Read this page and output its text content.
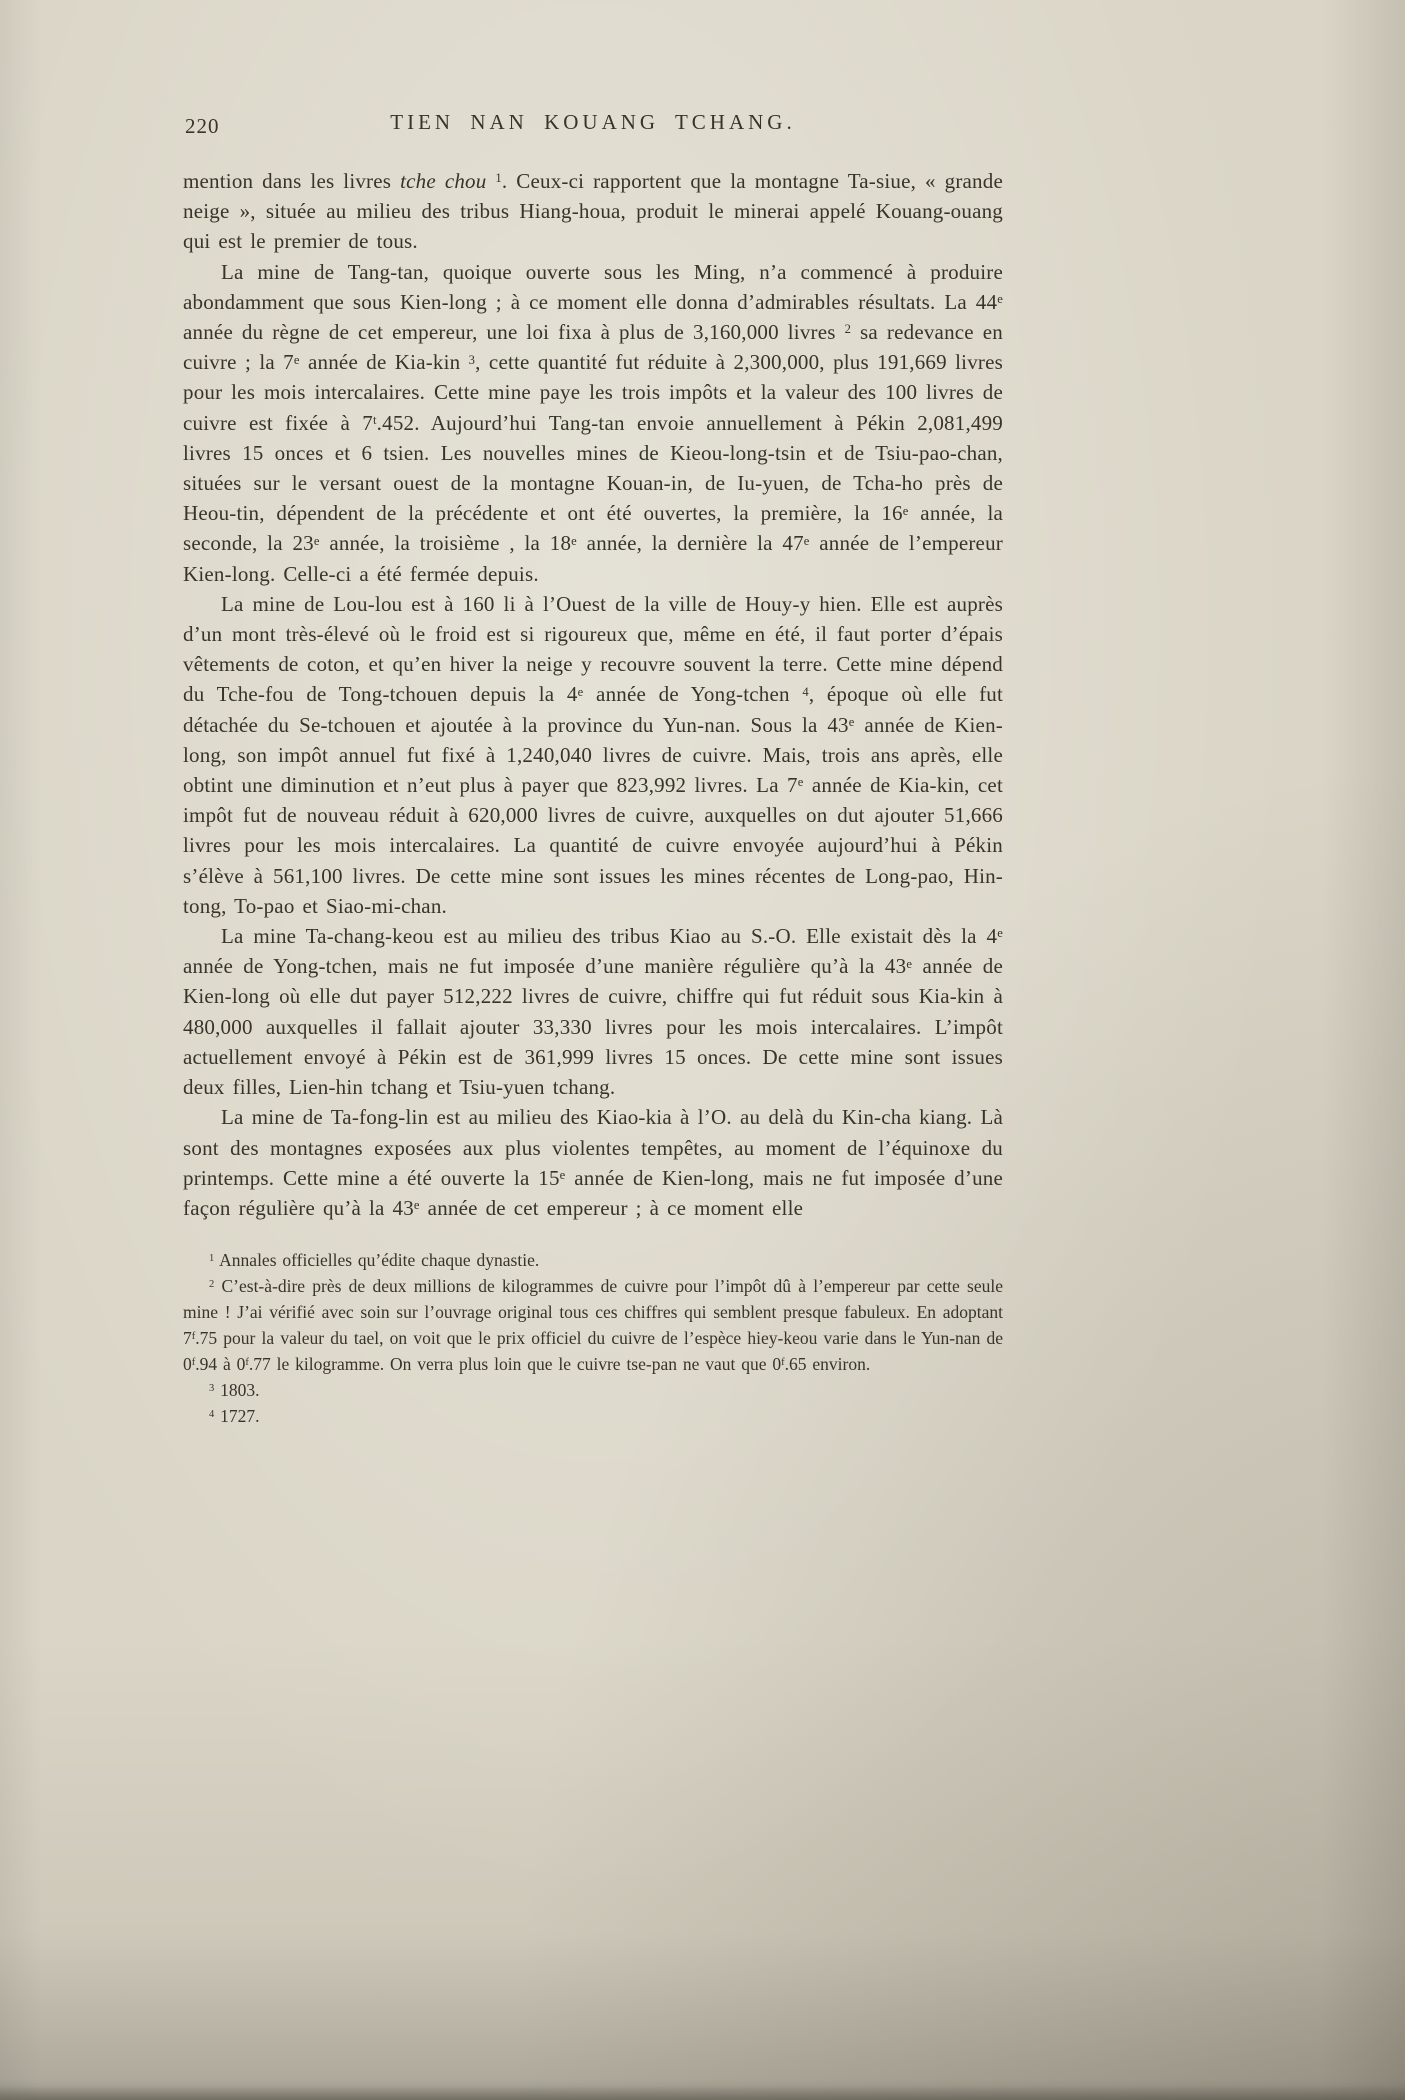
220	TIEN NAN KOUANG TCHANG.

mention dans les livres tche chou $^1$. Ceux-ci rapportent que la montagne Ta-siue, « grande neige », située au milieu des tribus Hiang-houa, produit le minerai appelé Kouang-ouang qui est le premier de tous.

La mine de Tang-tan, quoique ouverte sous les Ming, n’a commencé à produire abondamment que sous Kien-long ; à ce moment elle donna d’admirables résultats. La 44e année du règne de cet empereur, une loi fixa à plus de 3,160,000 livres $^2$ sa redevance en cuivre ; la 7e année de Kia-kin $^3$, cette quantité fut réduite à 2,300,000, plus 191,669 livres pour les mois intercalaires. Cette mine paye les trois impôts et la valeur des 100 livres de cuivre est fixée à 7$^t$.452. Aujourd’hui Tang-tan envoie annuellement à Pékin 2,081,499 livres 15 onces et 6 tsien. Les nouvelles mines de Kieou-long-tsin et de Tsiu-pao-chan, situées sur le versant ouest de la montagne Kouan-in, de Iu-yuen, de Tcha-ho près de Heou-tin, dépendent de la précédente et ont été ouvertes, la première, la 16e année, la seconde, la 23e année, la troisième , la 18e année, la dernière la 47e année de l’empereur Kien-long. Celle-ci a été fermée depuis.

La mine de Lou-lou est à 160 li à l’Ouest de la ville de Houy-y hien. Elle est auprès d’un mont très-élevé où le froid est si rigoureux que, même en été, il faut porter d’épais vêtements de coton, et qu’en hiver la neige y recouvre souvent la terre. Cette mine dépend du Tche-fou de Tong-tchouen depuis la 4e année de Yong-tchen $^4$, époque où elle fut détachée du Se-tchouen et ajoutée à la province du Yun-nan. Sous la 43e année de Kien-long, son impôt annuel fut fixé à 1,240,040 livres de cuivre. Mais, trois ans après, elle obtint une diminution et n’eut plus à payer que 823,992 livres. La 7e année de Kia-kin, cet impôt fut de nouveau réduit à 620,000 livres de cuivre, auxquelles on dut ajouter 51,666 livres pour les mois intercalaires. La quantité de cuivre envoyée aujourd’hui à Pékin s’élève à 561,100 livres. De cette mine sont issues les mines récentes de Long-pao, Hin-tong, To-pao et Siao-mi-chan.

La mine Ta-chang-keou est au milieu des tribus Kiao au S.-O. Elle existait dès la 4e année de Yong-tchen, mais ne fut imposée d’une manière régulière qu’à la 43e année de Kien-long où elle dut payer 512,222 livres de cuivre, chiffre qui fut réduit sous Kia-kin à 480,000 auxquelles il fallait ajouter 33,330 livres pour les mois intercalaires. L’impôt actuellement envoyé à Pékin est de 361,999 livres 15 onces. De cette mine sont issues deux filles, Lien-hin tchang et Tsiu-yuen tchang.

La mine de Ta-fong-lin est au milieu des Kiao-kia à l’O. au delà du Kin-cha kiang. Là sont des montagnes exposées aux plus violentes tempêtes, au moment de l’équinoxe du printemps. Cette mine a été ouverte la 15e année de Kien-long, mais ne fut imposée d’une façon régulière qu’à la 43e année de cet empereur ; à ce moment elle

$^1$ Annales officielles qu’édite chaque dynastie.

$^2$ C’est-à-dire près de deux millions de kilogrammes de cuivre pour l’impôt dû à l’empereur par cette seule mine ! J’ai vérifié avec soin sur l’ouvrage original tous ces chiffres qui semblent presque fabuleux. En adoptant 7$^f$.75 pour la valeur du tael, on voit que le prix officiel du cuivre de l’espèce hiey-keou varie dans le Yun-nan de 0$^f$.94 à 0$^f$.77 le kilogramme. On verra plus loin que le cuivre tse-pan ne vaut que 0$^f$.65 environ.

$^3$ 1803.

$^4$ 1727.
